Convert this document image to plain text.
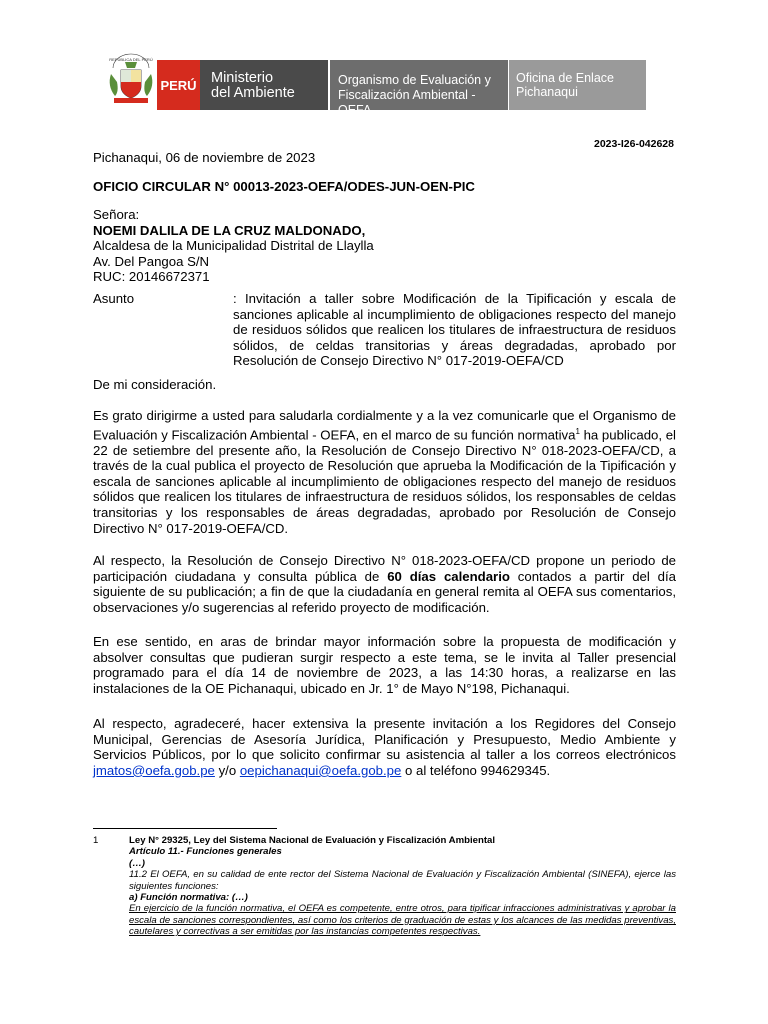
REPÚBLICA DEL PERÚ
PERÚ Ministerio
del Ambiente
Organismo de Evaluación y
Fiscalización Ambiental - OEFA
Oficina de Enlace
Pichanaqui
2023-I26-042628
Pichanaqui, 06 de noviembre de 2023
OFICIO CIRCULAR N° 00013-2023-OEFA/ODES-JUN-OEN-PIC
Señora:
NOEMI DALILA DE LA CRUZ MALDONADO,
Alcaldesa de la Municipalidad Distrital de Llaylla
Av. Del Pangoa S/N
RUC: 20146672371
Asunto	: Invitación a taller sobre Modificación de la Tipificación y escala de sanciones aplicable al incumplimiento de obligaciones respecto del manejo de residuos sólidos que realicen los titulares de infraestructura de residuos sólidos, de celdas transitorias y áreas degradadas, aprobado por Resolución de Consejo Directivo N° 017-2019-OEFA/CD
De mi consideración.
Es grato dirigirme a usted para saludarla cordialmente y a la vez comunicarle que el Organismo de Evaluación y Fiscalización Ambiental - OEFA, en el marco de su función normativa$^1$ ha publicado, el 22 de setiembre del presente año, la Resolución de Consejo Directivo N° 018-2023-OEFA/CD, a través de la cual publica el proyecto de Resolución que aprueba la Modificación de la Tipificación y escala de sanciones aplicable al incumplimiento de obligaciones respecto del manejo de residuos sólidos que realicen los titulares de infraestructura de residuos sólidos, los responsables de celdas transitorias y los responsables de áreas degradadas, aprobado por Resolución de Consejo Directivo N° 017-2019-OEFA/CD.
Al respecto, la Resolución de Consejo Directivo N° 018-2023-OEFA/CD propone un periodo de participación ciudadana y consulta pública de 60 días calendario contados a partir del día siguiente de su publicación; a fin de que la ciudadanía en general remita al OEFA sus comentarios, observaciones y/o sugerencias al referido proyecto de modificación.
En ese sentido, en aras de brindar mayor información sobre la propuesta de modificación y absolver consultas que pudieran surgir respecto a este tema, se le invita al Taller presencial programado para el día 14 de noviembre de 2023, a las 14:30 horas, a realizarse en las instalaciones de la OE Pichanaqui, ubicado en Jr. 1° de Mayo N°198, Pichanaqui.
Al respecto, agradeceré, hacer extensiva la presente invitación a los Regidores del Consejo Municipal, Gerencias de Asesoría Jurídica, Planificación y Presupuesto, Medio Ambiente y Servicios Públicos, por lo que solicito confirmar su asistencia al taller a los correos electrónicos jmatos@oefa.gob.pe y/o oepichanaqui@oefa.gob.pe o al teléfono 994629345.
1	Ley N° 29325, Ley del Sistema Nacional de Evaluación y Fiscalización Ambiental
Artículo 11.- Funciones generales
(…)
11.2 El OEFA, en su calidad de ente rector del Sistema Nacional de Evaluación y Fiscalización Ambiental (SINEFA), ejerce las siguientes funciones:
a) Función normativa: (…)
En ejercicio de la función normativa, el OEFA es competente, entre otros, para tipificar infracciones administrativas y aprobar la escala de sanciones correspondientes, así como los criterios de graduación de estas y los alcances de las medidas preventivas, cautelares y correctivas a ser emitidas por las instancias competentes respectivas.
